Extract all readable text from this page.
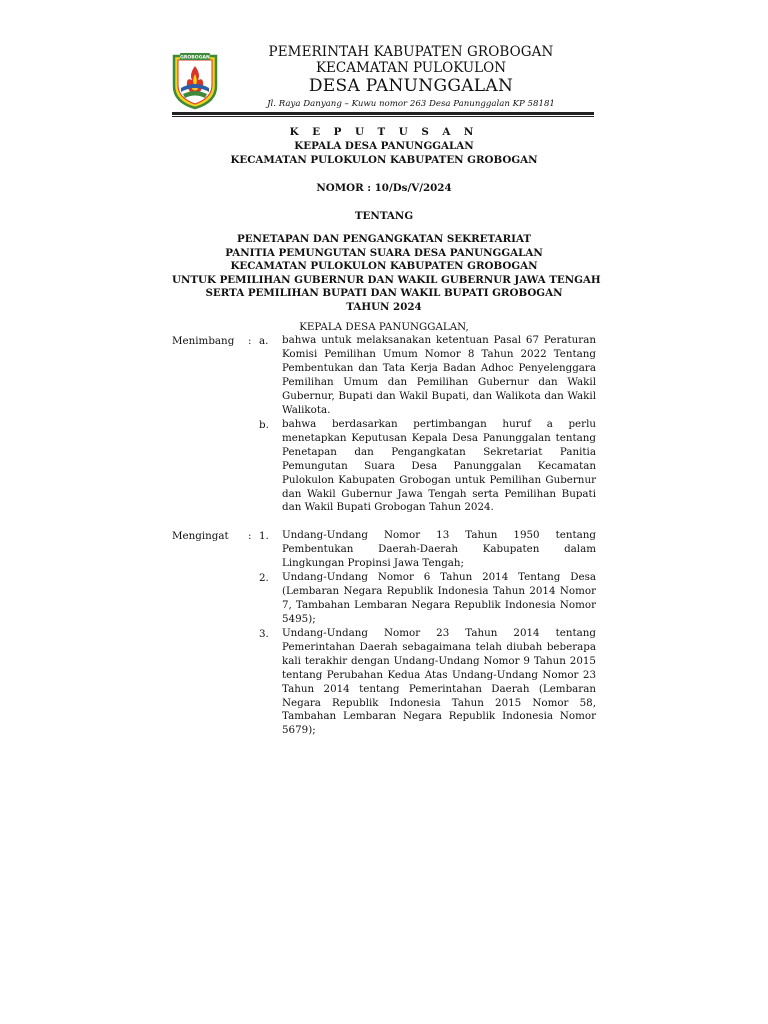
GROBOGAN	PEMERINTAH KABUPATEN GROBOGAN
KECAMATAN PULOKULON
DESA PANUNGGALAN
Jl. Raya Danyang – Kuwu nomor 263 Desa Panunggalan KP 58181
K E P U T U S A N
KEPALA DESA PANUNGGALAN
KECAMATAN PULOKULON KABUPATEN GROBOGAN
NOMOR : 10/Ds/V/2024
TENTANG
PENETAPAN DAN PENGANGKATAN SEKRETARIAT
PANITIA PEMUNGUTAN SUARA DESA PANUNGGALAN
KECAMATAN PULOKULON KABUPATEN GROBOGAN
UNTUK PEMILIHAN GUBERNUR DAN WAKIL GUBERNUR JAWA TENGAH
SERTA PEMILIHAN BUPATI DAN WAKIL BUPATI GROBOGAN
TAHUN 2024
KEPALA DESA PANUNGGALAN,
Menimbang : a.	bahwa untuk melaksanakan ketentuan Pasal 67 Peraturan Komisi Pemilihan Umum Nomor 8 Tahun 2022 Tentang Pembentukan dan Tata Kerja Badan Adhoc Penyelenggara Pemilihan Umum dan Pemilihan Gubernur dan Wakil Gubernur, Bupati dan Wakil Bupati, dan Walikota dan Wakil Walikota.
b.	bahwa berdasarkan pertimbangan huruf a perlu menetapkan Keputusan Kepala Desa Panunggalan tentang Penetapan dan Pengangkatan Sekretariat Panitia Pemungutan Suara Desa Panunggalan Kecamatan Pulokulon Kabupaten Grobogan untuk Pemilihan Gubernur dan Wakil Gubernur Jawa Tengah serta Pemilihan Bupati dan Wakil Bupati Grobogan Tahun 2024.
Mengingat : 1.	Undang-Undang Nomor 13 Tahun 1950 tentang Pembentukan Daerah-Daerah Kabupaten dalam Lingkungan Propinsi Jawa Tengah;
2.	Undang-Undang Nomor 6 Tahun 2014 Tentang Desa (Lembaran Negara Republik Indonesia Tahun 2014 Nomor 7, Tambahan Lembaran Negara Republik Indonesia Nomor 5495);
3.	Undang-Undang Nomor 23 Tahun 2014 tentang Pemerintahan Daerah sebagaimana telah diubah beberapa kali terakhir dengan Undang-Undang Nomor 9 Tahun 2015 tentang Perubahan Kedua Atas Undang-Undang Nomor 23 Tahun 2014 tentang Pemerintahan Daerah (Lembaran Negara Republik Indonesia Tahun 2015 Nomor 58, Tambahan Lembaran Negara Republik Indonesia Nomor 5679);
